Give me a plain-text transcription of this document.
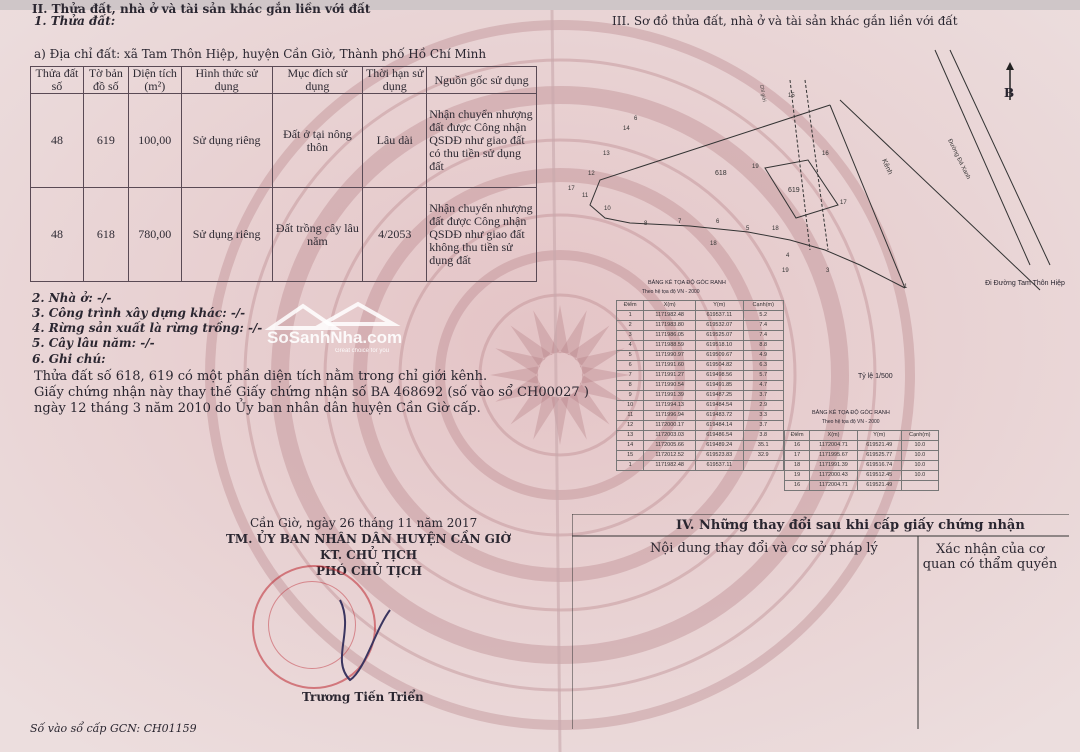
II. Thửa đất, nhà ở và tài sản khác gắn liền với đất
1. Thửa đất:
a) Địa chỉ đất: xã Tam Thôn Hiệp, huyện Cần Giờ, Thành phố Hồ Chí Minh
Thửa đất số	Tờ bản đồ số	Diện tích (m²)	Hình thức sử dụng	Mục đích sử dụng	Thời hạn sử dụng	Nguồn gốc sử dụng
48	619	100,00	Sử dụng riêng	Đất ở tại nông thôn	Lâu dài	Nhận chuyển nhượng đất được Công nhận QSDĐ như giao đất có thu tiền sử dụng đất
48	618	780,00	Sử dụng riêng	Đất trồng cây lâu năm	4/2053	Nhận chuyển nhượng đất được Công nhận QSDĐ như giao đất không thu tiền sử dụng đất
2. Nhà ở: -/-
3. Công trình xây dựng khác: -/-
4. Rừng sản xuất là rừng trồng: -/-
5. Cây lâu năm: -/-
6. Ghi chú:
Thửa đất số 618, 619 có một phần diện tích nằm trong chỉ giới kênh.
Giấy chứng nhận này thay thế Giấy chứng nhận số BA 468692 (số vào sổ CH00027 )
ngày 12 tháng 3 năm 2010 do Ủy ban nhân dân huyện Cần Giờ cấp.
SoSanhNha.com
Great choice for you
Cần Giờ, ngày 26 tháng 11 năm 2017
TM. ỦY BAN NHÂN DÂN HUYỆN CẦN GIỜ
KT. CHỦ TỊCH
PHÓ CHỦ TỊCH
Trương Tiến Triển
Số vào sổ cấp GCN: CH01159
III. Sơ đồ thửa đất, nhà ở và tài sản khác gắn liền với đất
15
16
17
18
19
14
13
12
11
10
8	7	6
5
4
3
1
6
17
18
19
618
619
Kênh	Đường Đá Xanh
Chỉ giới	B
Đi Đường Tam Thôn Hiệp
Tỷ lệ 1/500
BẢNG KÊ TỌA ĐỘ GÓC RANH
Theo hệ tọa độ VN - 2000
Điểm	X(m)	Y(m)	Cạnh(m)
1	1171982.48	619537.11	5.2
2	1171983.80	619532.07	7.4
3	1171986.05	619525.07	7.4
4	1171988.59	619518.10	8.8
5	1171990.97	619509.67	4.9
6	1171991.60	619504.82	6.3
7	1171991.27	619498.56	5.7
8	1171990.54	619491.85	4.7
9	1171991.39	619487.25	3.7
10	1171994.13	619484.54	2.9
11	1171996.94	619483.72	3.3
12	1172000.17	619484.14	3.7
13	1172003.03	619486.54	3.8
14	1172005.66	619489.24	35.1
15	1172012.52	619523.83	32.9
1	1171982.48	619537.11	
BẢNG KÊ TỌA ĐỘ GÓC RANH
Theo hệ tọa độ VN - 2000
Điểm	X(m)	Y(m)	Cạnh(m)
16	1172004.71	619521.49	10.0
17	1171995.67	619525.77	10.0
18	1171991.39	619516.74	10.0
19	1172000.43	619512.45	10.0
16	1172004.71	619521.49	
IV. Những thay đổi sau khi cấp giấy chứng nhận
Nội dung thay đổi và cơ sở pháp lý	Xác nhận của cơ quan có thẩm quyền
